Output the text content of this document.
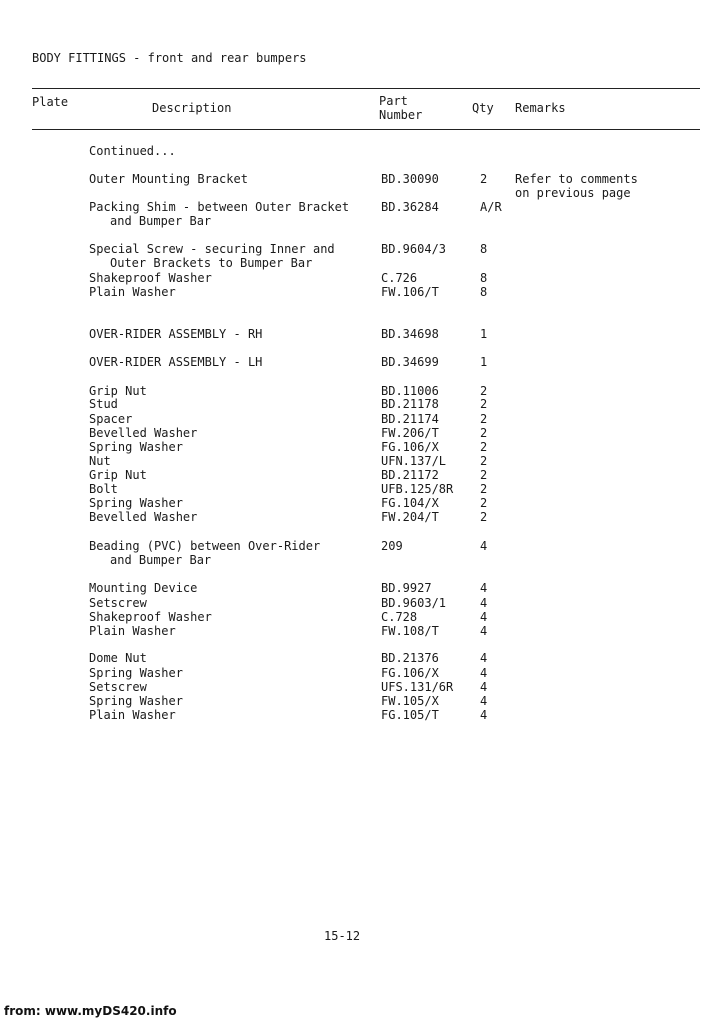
BODY FITTINGS - front and rear bumpers
Plate	Description	Part
Number	Qty Remarks
Continued...
Outer Mounting Bracket	BD.30090	2 Refer to comments
on previous page
Packing Shim - between Outer Bracket
and Bumper Bar
BD.36284	A/R
Special Screw - securing Inner and
Outer Brackets to Bumper Bar
BD.9604/3	8
Shakeproof Washer	C.726	8
Plain Washer	FW.106/T	8
OVER-RIDER ASSEMBLY - RH	BD.34698	1
OVER-RIDER ASSEMBLY - LH	BD.34699	1
Grip Nut	BD.11006	2
Stud	BD.21178	2
Spacer	BD.21174	2
Bevelled Washer	FW.206/T	2
Spring Washer	FG.106/X	2
Nut	UFN.137/L	2
Grip Nut	BD.21172	2
Bolt	UFB.125/8R 2
Spring Washer	FG.104/X	2
Bevelled Washer	FW.204/T	2
Beading (PVC) between Over-Rider
and Bumper Bar
209	4
Mounting Device	BD.9927	4
Setscrew	BD.9603/1	4
Shakeproof Washer	C.728	4
Plain Washer	FW.108/T	4
Dome Nut	BD.21376	4
Spring Washer	FG.106/X	4
Setscrew	UFS.131/6R 4
Spring Washer	FW.105/X	4
Plain Washer	FG.105/T	4
15-12
from: www.myDS420.info
